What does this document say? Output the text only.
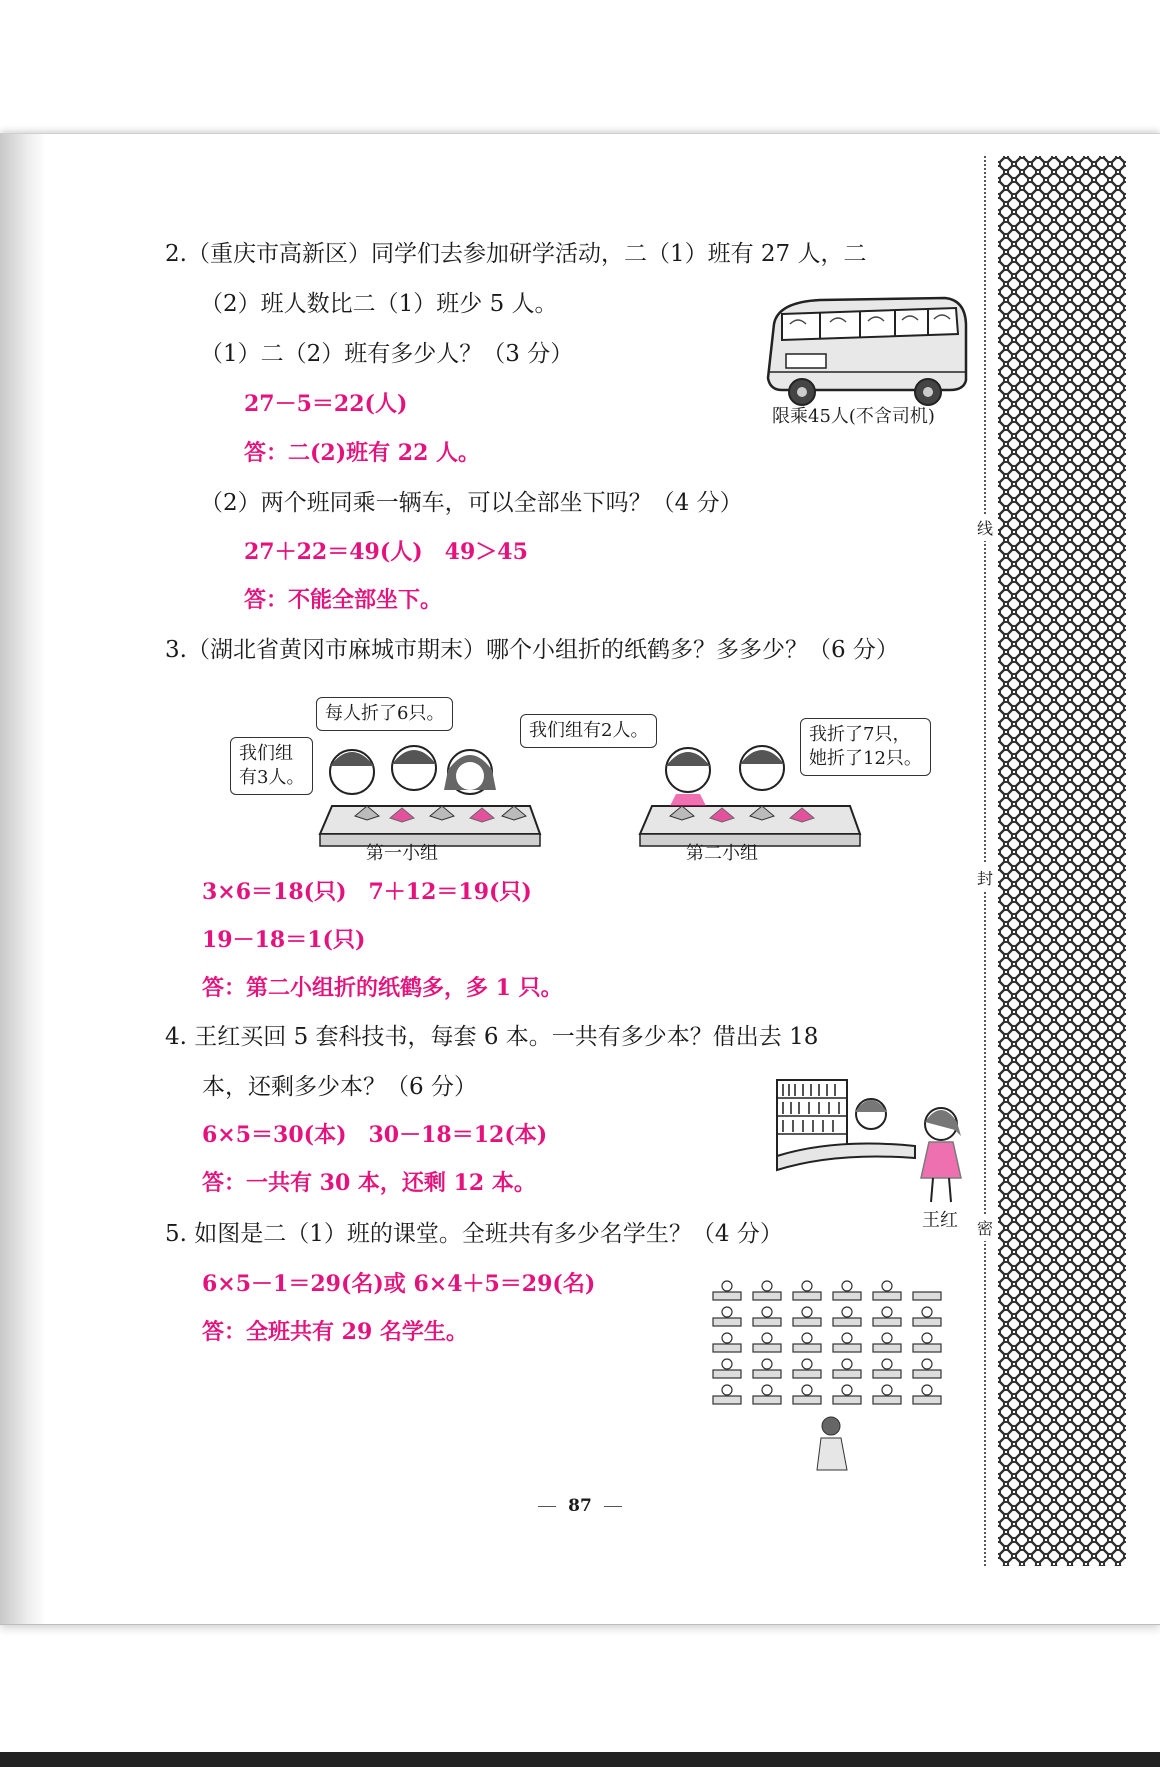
2.（重庆市高新区）同学们去参加研学活动，二（1）班有 27 人，二
（2）班人数比二（1）班少 5 人。
（1）二（2）班有多少人？（3 分）
27－5＝22(人)
答：二(2)班有 22 人。
（2）两个班同乘一辆车，可以全部坐下吗？（4 分）
27＋22＝49(人)　49＞45
答：不能全部坐下。
限乘45人(不含司机)
3.（湖北省黄冈市麻城市期末）哪个小组折的纸鹤多？多多少？（6 分）
每人折了6只。
我们组
有3人。
第一小组
我们组有2人。	我折了7只，
她折了12只。
第二小组
3×6＝18(只)　7＋12＝19(只)
19－18＝1(只)
答：第二小组折的纸鹤多，多 1 只。
4. 王红买回 5 套科技书，每套 6 本。一共有多少本？借出去 18
本，还剩多少本？（6 分）
6×5＝30(本)　30－18＝12(本)
答：一共有 30 本，还剩 12 本。
王红
5. 如图是二（1）班的课堂。全班共有多少名学生？（4 分）
6×5－1＝29(名)或 6×4＋5＝29(名)
答：全班共有 29 名学生。
线
封
密
87
